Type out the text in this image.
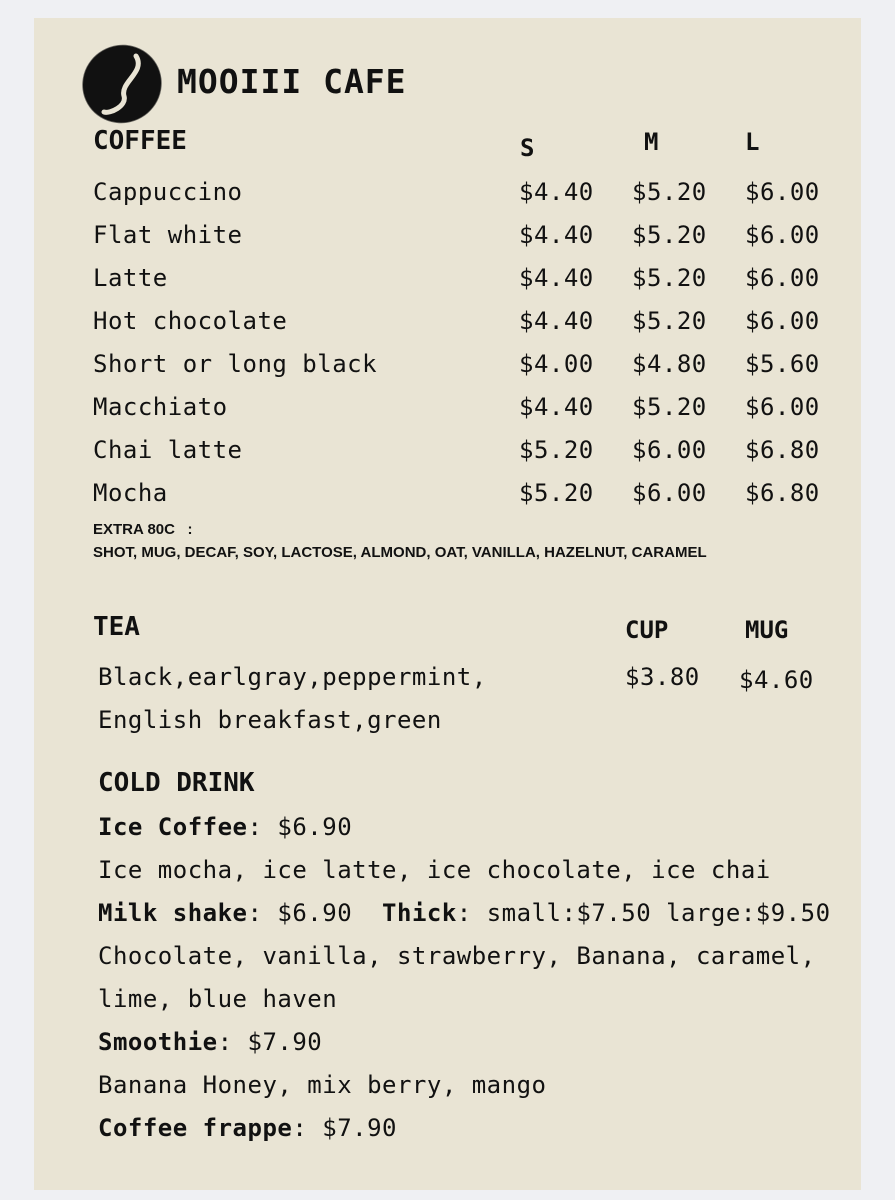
MOOIII CAFE
COFFEE	S	M	L
Cappuccino	$4.40 $5.20 $6.00
Flat white	$4.40 $5.20 $6.00
Latte	$4.40 $5.20 $6.00
Hot chocolate	$4.40 $5.20 $6.00
Short or long black	$4.00 $4.80 $5.60
Macchiato	$4.40 $5.20 $6.00
Chai latte	$5.20 $6.00 $6.80
Mocha	$5.20 $6.00 $6.80
EXTRA 80C   :
SHOT, MUG, DECAF, SOY, LACTOSE, ALMOND, OAT, VANILLA, HAZELNUT, CARAMEL
TEA	CUP	MUG
Black,earlgray,peppermint,
English breakfast,green
$3.80 $4.60
COLD DRINK
Ice Coffee: $6.90
Ice mocha, ice latte, ice chocolate, ice chai
Milk shake: $6.90  Thick: small:$7.50 large:$9.50
Chocolate, vanilla, strawberry, Banana, caramel,
lime, blue haven
Smoothie: $7.90
Banana Honey, mix berry, mango
Coffee frappe: $7.90
